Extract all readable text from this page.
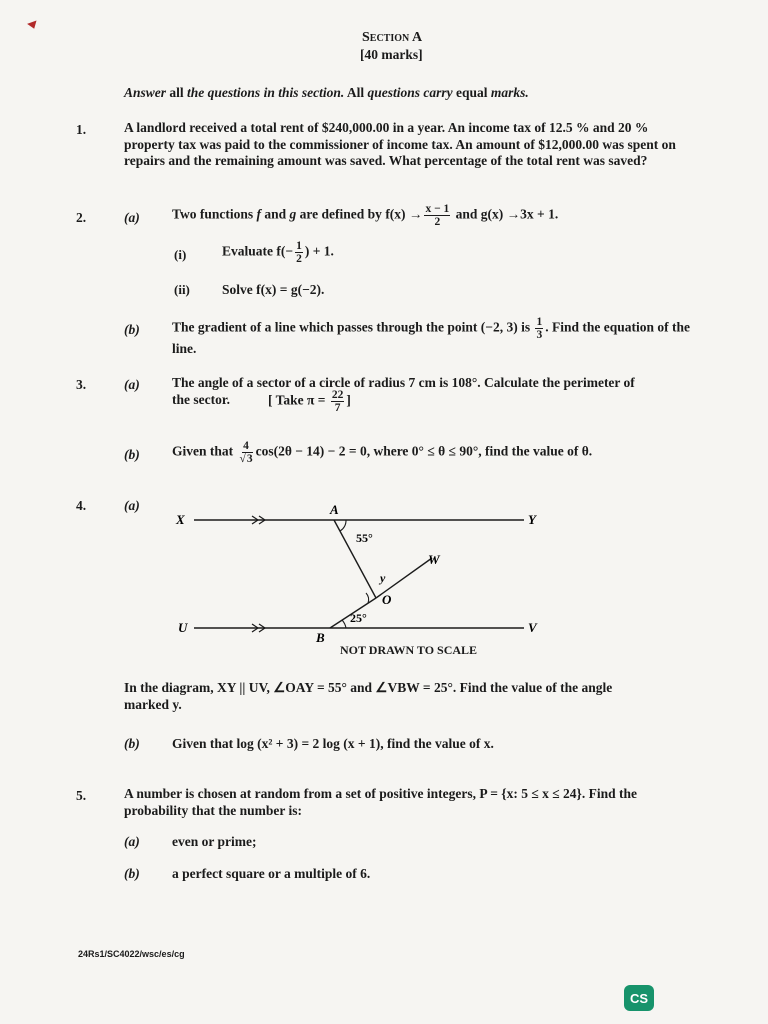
Section A
[40 marks]
Answer all the questions in this section. All questions carry equal marks.
1.	A landlord received a total rent of $240,000.00 in a year. An income tax of 12.5 % and 20 % property tax was paid to the commissioner of income tax. An amount of $12,000.00 was spent on repairs and the remaining amount was saved. What percentage of the total rent was saved?
2.	(a) Two functions f and g are defined by $f(x) \to \frac{x - 1}{2}$ and g(x) →3x + 1.
(i)	Evaluate $f(- \frac{1}{2}$ ) + 1.
(ii) Solve f(x) = g(−2).
(b) The gradient of a line which passes through the point (−2, 3) is $\frac{1}{3}$ . Find the equation of the line.
3.	(a) The angle of a sector of a circle of radius 7 cm is 108°. Calculate the perimeter of the sector.	[ Take $\pi = \frac{22}{7}$ ]
(b) Given that $\frac{4}{√3} \cos(2\theta - 14) - 2 = 0$, where 0° ≤ θ ≤ 90°, find the value of θ.
4.	(a)
X	Y
U	V
A
B
O
W
y
55°
25°
NOT DRAWN TO SCALE
In the diagram, XY || UV, ∠OAY = 55° and ∠VBW = 25°. Find the value of the angle marked y.
(b) Given that log (x² + 3) = 2 log (x + 1), find the value of x.
5.	A number is chosen at random from a set of positive integers, P = {x: 5 ≤ x ≤ 24}. Find the probability that the number is:
(a) even or prime;
(b) a perfect square or a multiple of 6.
24Rs1/SC4022/wsc/es/cg
CS
